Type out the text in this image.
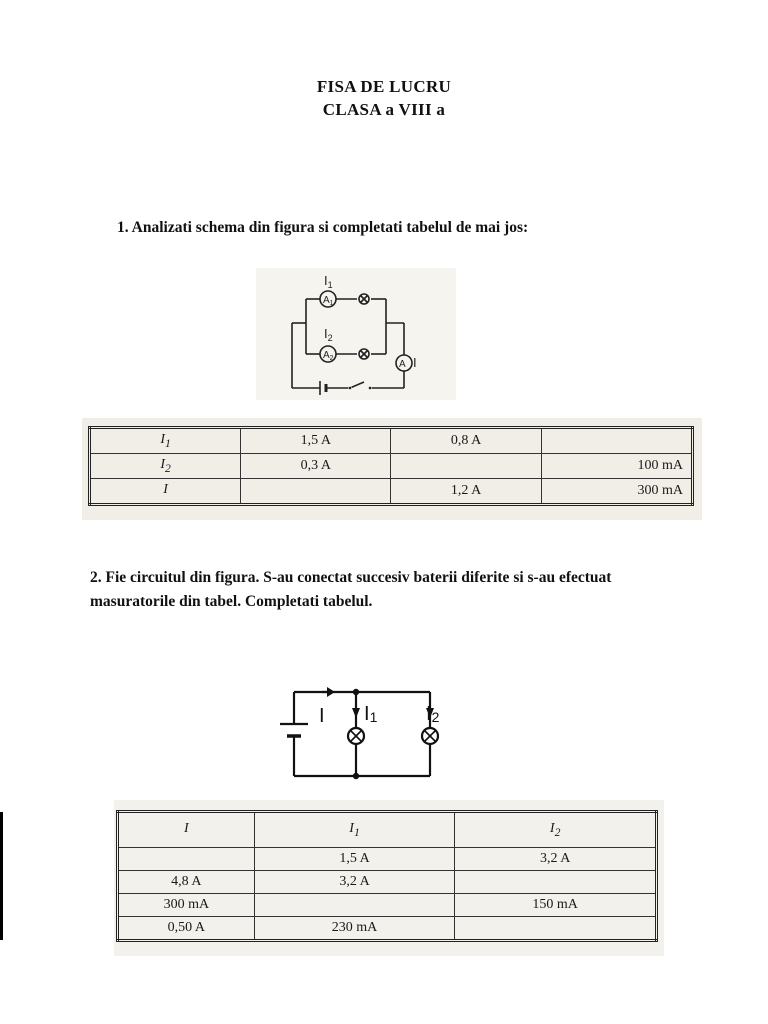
FISA DE LUCRU
CLASA a VIII a
1. Analizati schema din figura si completati tabelul de mai jos:
$I_1$
$A_1$
$I_2$
$A_2$
A I
$I_1$	1,5 A	0,8 A	
$I_2$	0,3 A		100 mA
I		1,2 A	300 mA
2. Fie circuitul din figura. S-au conectat succesiv baterii diferite si s-au efectuat masuratorile din tabel. Completati tabelul.
I I1 I2
I	$I_1$	$I_2$
	1,5 A	3,2 A
4,8 A	3,2 A	
300 mA		150 mA
0,50 A	230 mA	
